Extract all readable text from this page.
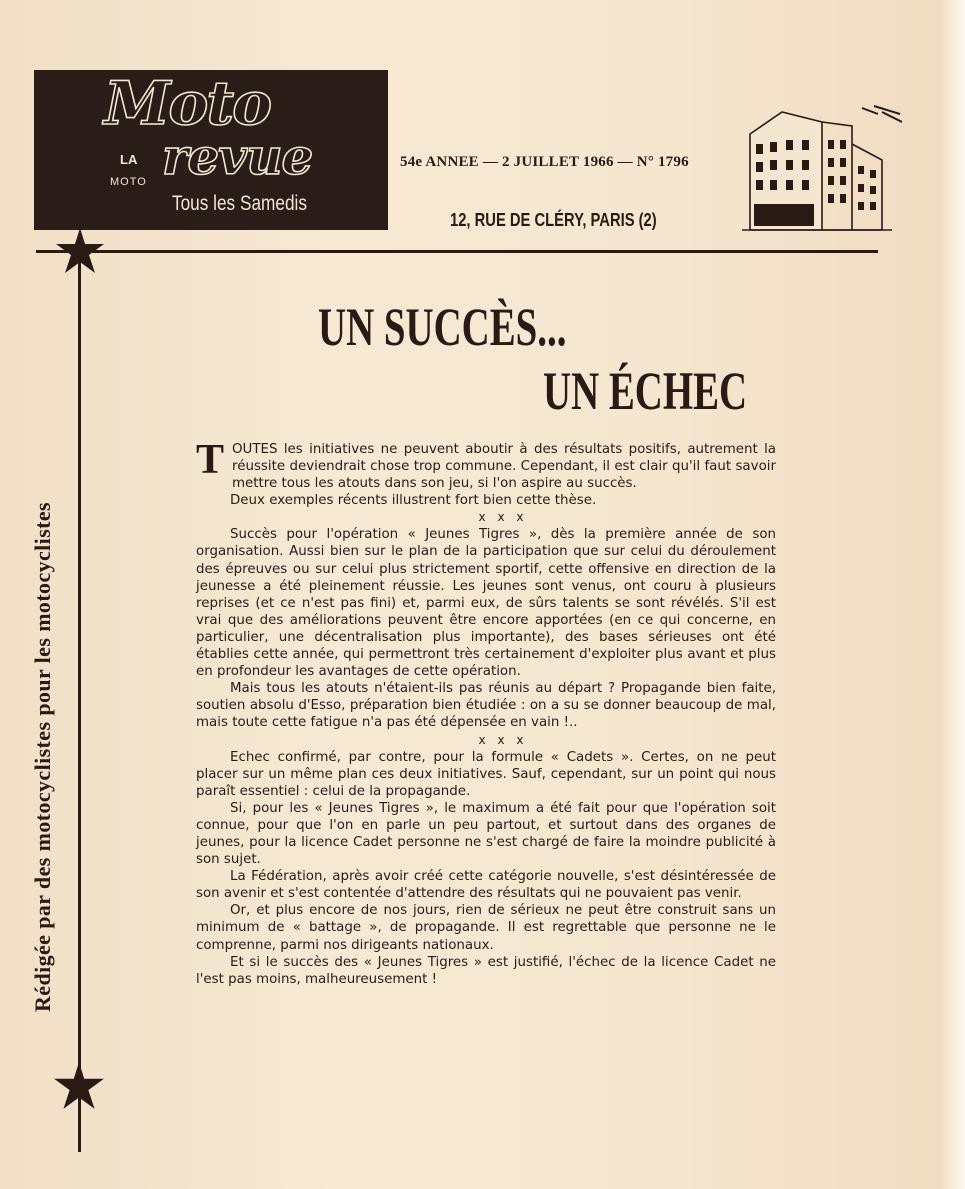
Moto
revue
LA
MOTO
Tous les Samedis
54e ANNEE — 2 JUILLET 1966 — N° 1796
12, RUE DE CLÉRY, PARIS (2)
Rédigée par des motocyclistes pour les motocyclistes
UN SUCCÈS...
UN ÉCHEC

TOUTES les initiatives ne peuvent aboutir à des résultats positifs, autrement la réussite deviendrait chose trop commune. Cependant, il est clair qu'il faut savoir mettre tous les atouts dans son jeu, si l'on aspire au succès.

Deux exemples récents illustrent fort bien cette thèse.

x x x

Succès pour l'opération « Jeunes Tigres », dès la première année de son organisation. Aussi bien sur le plan de la participation que sur celui du déroulement des épreuves ou sur celui plus strictement sportif, cette offensive en direction de la jeunesse a été pleinement réussie. Les jeunes sont venus, ont couru à plusieurs reprises (et ce n'est pas fini) et, parmi eux, de sûrs talents se sont révélés. S'il est vrai que des améliorations peuvent être encore apportées (en ce qui concerne, en particulier, une décentralisation plus importante), des bases sérieuses ont été établies cette année, qui permettront très certainement d'exploiter plus avant et plus en profondeur les avantages de cette opération.

Mais tous les atouts n'étaient-ils pas réunis au départ ? Propagande bien faite, soutien absolu d'Esso, préparation bien étudiée : on a su se donner beaucoup de mal, mais toute cette fatigue n'a pas été dépensée en vain !..

x x x

Echec confirmé, par contre, pour la formule « Cadets ». Certes, on ne peut placer sur un même plan ces deux initiatives. Sauf, cependant, sur un point qui nous paraît essentiel : celui de la propagande.

Si, pour les « Jeunes Tigres », le maximum a été fait pour que l'opération soit connue, pour que l'on en parle un peu partout, et surtout dans des organes de jeunes, pour la licence Cadet personne ne s'est chargé de faire la moindre publicité à son sujet.

La Fédération, après avoir créé cette catégorie nouvelle, s'est désintéressée de son avenir et s'est contentée d'attendre des résultats qui ne pouvaient pas venir.

Or, et plus encore de nos jours, rien de sérieux ne peut être construit sans un minimum de « battage », de propagande. Il est regrettable que personne ne le comprenne, parmi nos dirigeants nationaux.

Et si le succès des « Jeunes Tigres » est justifié, l'échec de la licence Cadet ne l'est pas moins, malheureusement !
